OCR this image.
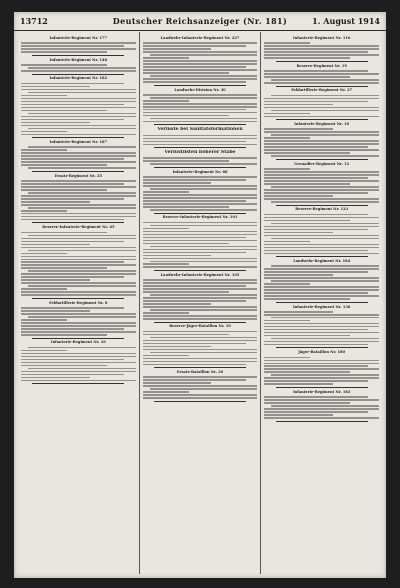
13712	Deutscher Reichsanzeiger (Nr. 181)	1. August 1914
Infanterie-Regiment Nr. 177
Infanterie-Regiment Nr. 148
Infanterie-Regiment Nr. 182
Infanterie-Regiment Nr. 187
Ersatz-Regiment Nr. 25
Reserve-Infanterie-Regiment Nr. 65
Feldartillerie-Regiment Nr. 8
Infanterie-Regiment Nr. 10
Landwehr-Infanterie-Regiment Nr. 227
Landwehr-Division Nr. 30
Verluste bei Sanitätsformationen
Verlustlisten höherer Stäbe
Infanterie-Regiment Nr. 88
Reserve-Infanterie-Regiment Nr. 101
Landwehr-Infanterie-Regiment Nr. 105
Reserve-Jäger-Bataillon Nr. 10
Ersatz-Bataillon Nr. 20
Infanterie-Regiment Nr. 110
Reserve-Regiment Nr. 19
Feldartillerie-Regiment Nr. 27
Infanterie-Regiment Nr. 10
Grenadier-Regiment Nr. 12
Reserve-Regiment Nr. 123
Landwehr-Regiment Nr. 184
Infanterie-Regiment Nr. 136
Jäger-Bataillon Nr. 180
Infanterie-Regiment Nr. 183
